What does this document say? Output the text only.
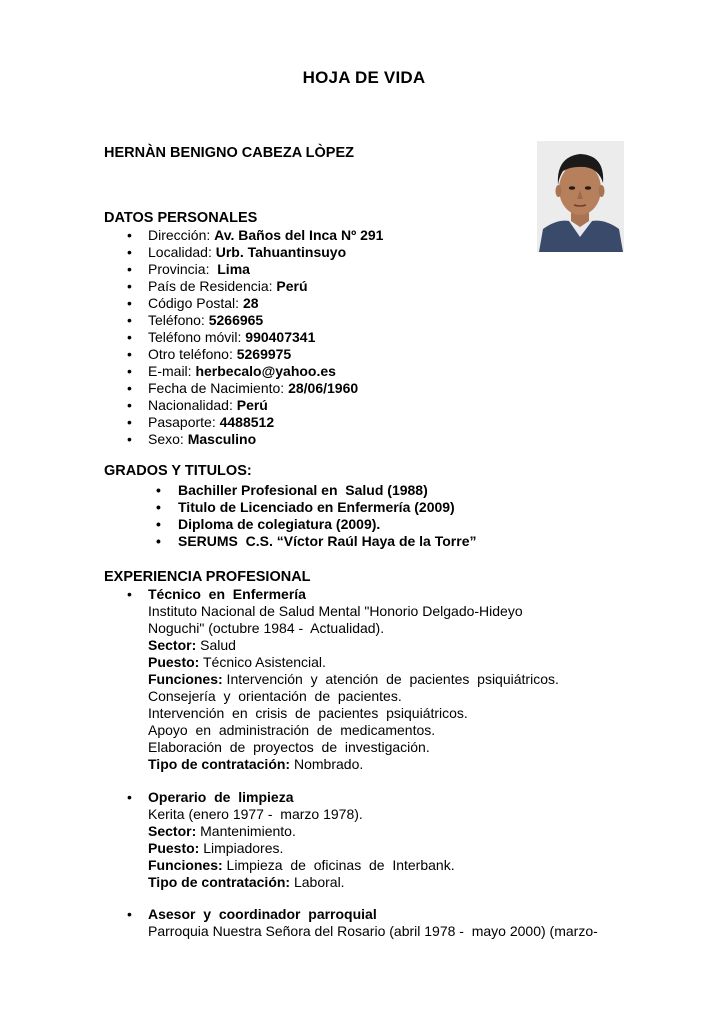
HOJA DE VIDA
HERNÀN BENIGNO CABEZA LÒPEZ
DATOS PERSONALES
• Dirección: Av. Baños del Inca Nº 291
• Localidad: Urb. Tahuantinsuyo
• Provincia:  Lima
• País de Residencia: Perú
• Código Postal: 28
• Teléfono: 5266965
• Teléfono móvil: 990407341
• Otro teléfono: 5269975
• E-mail: herbecalo@yahoo.es
• Fecha de Nacimiento: 28/06/1960
• Nacionalidad: Perú
• Pasaporte: 4488512
• Sexo: Masculino
GRADOS Y TITULOS:
• Bachiller Profesional en  Salud (1988)
• Titulo de Licenciado en Enfermería (2009)
• Diploma de colegiatura (2009).
• SERUMS  C.S. “Víctor Raúl Haya de la Torre”
EXPERIENCIA PROFESIONAL
• Técnico  en  Enfermería
Instituto Nacional de Salud Mental "Honorio Delgado-Hideyo
Noguchi" (octubre 1984 -  Actualidad).
Sector: Salud
Puesto: Técnico Asistencial.
Funciones: Intervención  y  atención  de  pacientes  psiquiátricos.
Consejería  y  orientación  de  pacientes.
Intervención  en  crisis  de  pacientes  psiquiátricos.
Apoyo  en  administración  de  medicamentos.
Elaboración  de  proyectos  de  investigación.
Tipo de contratación: Nombrado.
• Operario  de  limpieza
Kerita (enero 1977 -  marzo 1978).
Sector: Mantenimiento.
Puesto: Limpiadores.
Funciones: Limpieza  de  oficinas  de  Interbank.
Tipo de contratación: Laboral.
• Asesor  y  coordinador  parroquial
Parroquia Nuestra Señora del Rosario (abril 1978 -  mayo 2000) (marzo-
